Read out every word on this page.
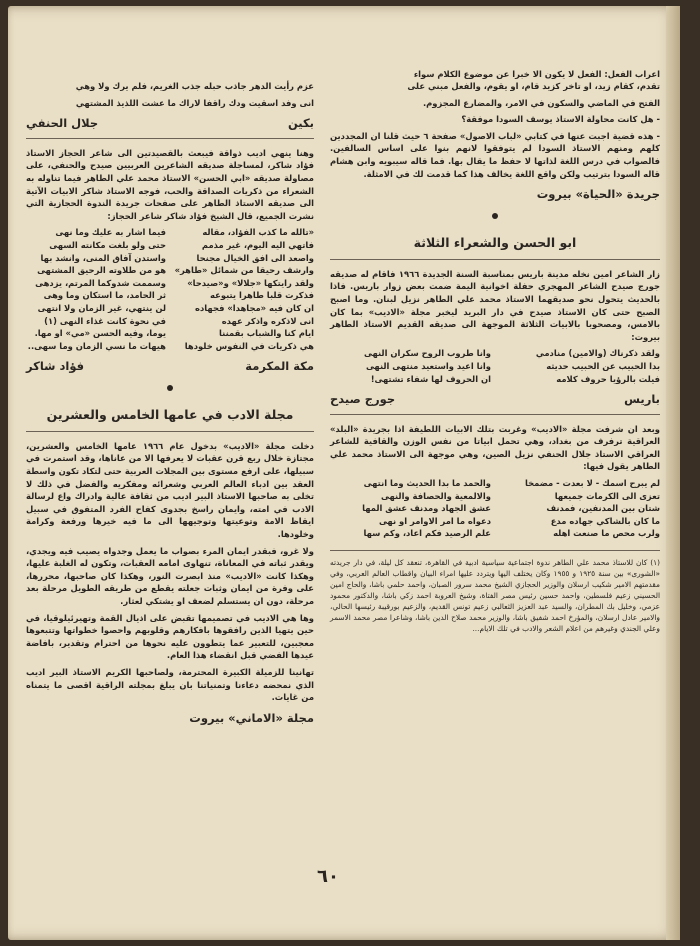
اعراب الفعل: الفعل لا يكون الا خبرا عن موضوع الكلام سواء

تقدم، كقام زيد، او تاخر كزيد قام، او يقوم، والفعل مبني على

الفتح في الماضي والسكون في الامر، والمضارع المجزوم.

- هل كانت محاولة الاستاذ يوسف السودا موفقة؟

- هذه قضية اجبت عنها في كتابي «لباب الاصول» صفحة ٦ حيث قلنا ان المجددين كلهم ومنهم الاستاذ السودا لم يتوفقوا لانهم بنوا على اساس السالفين. فالصواب في درس اللغة لذاتها لا حفظ ما يقال بها. فما قاله سيبويه وابن هشام قاله السودا بترتيب ولكن واقع اللغة يخالف هذا كما قدمت لك في الامثلة.

جريدة «الحياة» بيروت
ابو الحسن والشعراء الثلاثة

زار الشاعر امين نخله مدينة باريس بمناسبة السنة الجديدة ١٩٦٦ فاقام له صديقه جورج صيدح الشاعر المهجري حفلة اخوانية اليمة ضمت بعض زوار باريس. فاذا بالحديث يتحول نحو صديقهما الاستاذ محمد علي الطاهر نزيل لبنان. وما اصبح الصبح حتى كان الاستاذ صيدح في دار البريد ليخبر مجلة «الاديب» بما كان بالامس، ومصحوبا بالابيات الثلاثة الموجهة الى صديقه القديم الاستاذ الطاهر بيروت:

ولقد ذكرناك (والامين) منادمي

بدا الحبيب عن الحبيب حديثه

فيلت بالرؤيا حروف كلامه

وانا طروب الروح سكران النهى

وانا اعيد واستعيد منتهى النهى

ان الحروف لها شفاء تشتهى!

باريس
جورج صيدح

وبعد ان شرفت مجلة «الاديب» وغربت بتلك الابيات اللطيفة اذا بجريدة «البلد» العراقية ترفرف من بغداد، وهي تحمل ابياتا من نفس الوزن والقافية للشاعر العراقي الاستاذ جلال الحنفي نزيل الصين، وهي موجهة الى الاستاذ محمد علي الطاهر يقول فيها:

لم يبرح اسمك - لا بعدت - مضمخا

تعزى الى الكرمات جميعها

شتان بين المدنفين، فمدنف

ما كان بالشاكي جهاده مدع

ولرب محص ما صنعت اهله

والحمد ما بدا الحديث وما انتهى

والالمعية والحصافة والنهى

عشق الجهاد ومدنف عشق المها

دعواه ما امر الاوامر او نهى

علم الرصيد فكم اعاد، وكم سها

(١) كان للاستاذ محمد علي الطاهر ندوة اجتماعية سياسية ادبية في القاهرة، تنعقد كل ليلة، في دار جريدته «الشورى» بين سنة ١٩٢٥ و ١٩٥٥ وكان يختلف اليها ويتردد عليها امراء البيان واقطاب العالم العربي، وفي مقدمتهم الامير شكيب ارسلان والوزير الحجازي الشيخ محمد سرور الصبان، واحمد حلمي باشا، والحاج امين الحسيني زعيم فلسطين، واحمد حسين رئيس مصر الفتاة، وشيخ العروبة احمد زكي باشا، والدكتور محمود عزمي، وخليل بك المطران، والسيد عبد العزيز الثعالبي زعيم تونس القديم، والزعيم بورقيبة رئيسها الحالي، والامير عادل ارسلان، والمؤرخ احمد شفيق باشا، والوزير محمد صلاح الدين باشا، وشاعرا مصر محمد الاسمر وعلي الجندي وغيرهم من اعلام الشعر والادب في تلك الايام...

عزم رأيت الدهر جاذب حبله جذب الغريم، فلم يرك ولا وهي

انى وفد اسقيت ودك راقفا لاراك ما عشت اللذيذ المشتهي

بكين
جلال الحنفي

وهنا ينهي اديب ذواقة فيبعث بالقصيدتين الى شاعر الحجاز الاستاذ فؤاد شاكر، لمساجلة صديقه الشاعرين العربيين صيدح والحنفي، على مصاولة صديقه «ابي الحسن» الاستاذ محمد علي الطاهر فيما تناوله به الشعراء من ذكريات الصداقة والحب، فوجه الاستاذ شاكر الابيات الآتية الى صديقه الاستاذ الطاهر على صفحات جريدة الندوة الحجازية التي نشرت الجميع، قال الشيخ فؤاد شاكر شاعر الحجاز:

«تالله ما كذب الفؤاد، مقاله

فاتهي اليه اليوم، غير مذمم

واصعد الى افق الخيال مجنحا

وارشف رحيقا من شمائل «طاهر»

ولقد رايتكها «جلالا» و«صيدحا»

فذكرت قلبا طاهرا يتبوعه

ان كان فيه «مجاهدا» فجهاده

انى لاذكره واذكر عهده

ايام كنا والشباب بقمننا

هي ذكريات في النفوس خلودها

فيما اشار به عليك وما نهى

حتى ولو بلغت مكانته السهى

واستدن آفاق المنى، وانشد بها

هو من طلاوته الرحيق المشتهى

وسممت شدوكما المرتم، يزدهى

ثر الحامد، ما استكان وما وهى

لن ينتهي، غير الزمان ولا انتهى

في نحوة كانت غذاء النهى (١)

يوما، وفيه الحسن «مي» او مها.

هيهات ما نسي الزمان وما سهى..

مكة المكرمة
فؤاد شاكر
مجلة الادب في عامها الخامس والعشرين

دخلت مجلة «الاديب» بدخول عام ١٩٦٦ عامها الخامس والعشرين، مجتازة خلال ربع قرن عقبات لا يعرفها الا من عاناها، وقد استمرت في سبيلها، على ارفع مستوى بين المجلات العربية حتى لتكاد تكون واسطة العقد بين ادباء العالم العربي وشعرائه ومفكريه والفضل في ذلك لا تخلى به صاحبها الاستاذ البير اديب من ثقافة عالية وادراك واع لرسالة الادب في امته، وايمان راسخ بجدوى كفاح الفرد المتفوق في سبيل ايقاظ الامة وتوعيتها وتوجيهها الى ما فيه خيرها ورفعة وكرامة وخلودها.

ولا غرو، فبقدر ايمان المرء بصواب ما يعمل وجدواه يصيب فيه ويجدي، ويقدر ثباته في المعاناة، تنهاوى امامه العقبات، وتكون له الغلبة عليها، وهكذا كانت «الاديب» منذ ابصرت النور، وهكذا كان صاحبها، محررها، على وفرة من ايمان وثبات جعلته يقطع من طريقه الطويل مرحلة بعد مرحلة، دون ان يستسلم لضعف او يشتكي لعثار.

وها هي الاديب في تصميمها تقبض على اذيال القمة وتهيرئيلوقيا، في حين يتهيا الذين رافقوها بافكارهم وقلوبهم واحصوا خطواتها وتتبعوها معجبين، للتعبير عما يتطوون عليه نحوها من احترام وتقدير، بافاضة عيدها الفضي قبل انقضاء هذا العام.

تهانينا للزميلة الكبيرة المحترمة، ولصاحبها الكريم الاستاذ البير اديب الذي نمحضه دعاءنا وتمنياتنا بان يبلغ بمجلته الراقية اقصى ما يتمناه من غايات.

مجلة «الاماني» بيروت
٦٠
